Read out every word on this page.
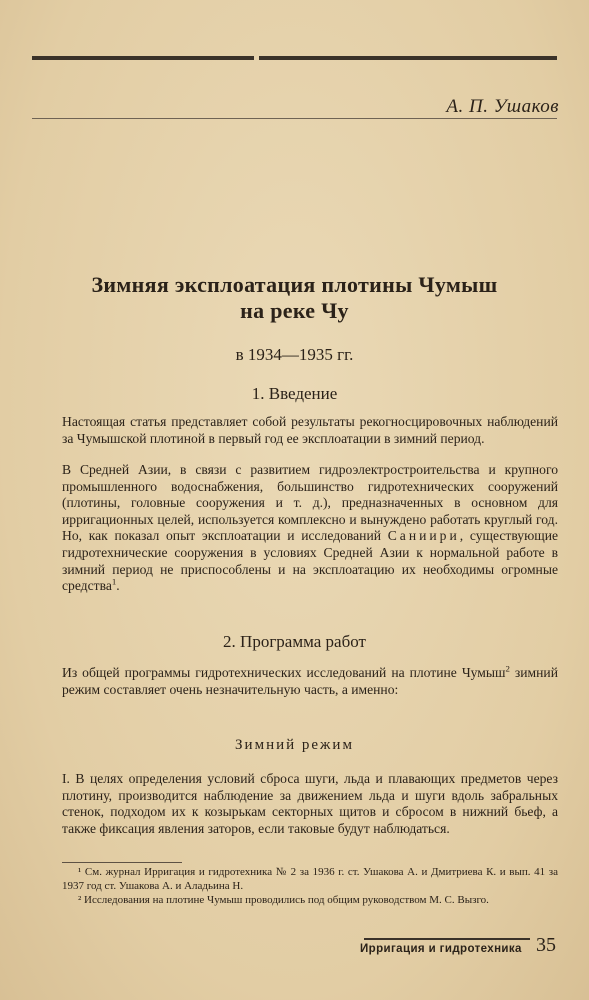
А. П. Ушаков
Зимняя эксплоатация плотины Чумыш
на реке Чу
в 1934—1935 гг.
1. Введение

Настоящая статья представляет собой результаты рекогносцировочных наблюдений за Чумышской плотиной в первый год ее эксплоатации в зимний период.

В Средней Азии, в связи с развитием гидроэлектростроительства и крупного промышленного водоснабжения, большинство гидротехнических сооружений (плотины, головные сооружения и т. д.), предназначенных в основном для ирригационных целей, используется комплексно и вынуждено работать круглый год. Но, как показал опыт эксплоатации и исследований Саниири, существующие гидротехнические сооружения в условиях Средней Азии к нормальной работе в зимний период не приспособлены и на эксплоатацию их необходимы огромные средства$^1$.

2. Программа работ

Из общей программы гидротехнических исследований на плотине Чумыш$^2$ зимний режим составляет очень незначительную часть, а именно:

Зимний режим

I. В целях определения условий сброса шуги, льда и плавающих предметов через плотину, производится наблюдение за движением льда и шуги вдоль забральных стенок, подходом их к козырькам секторных щитов и сбросом в нижний бьеф, а также фиксация явления заторов, если таковые будут наблюдаться.

¹ См. журнал Ирригация и гидротехника № 2 за 1936 г. ст. Ушакова А. и Дмитриева К. и вып. 41 за 1937 год ст. Ушакова А. и Аладьина Н.

² Исследования на плотине Чумыш проводились под общим руководством М. С. Вызго.

Ирригация и гидротехника 35
